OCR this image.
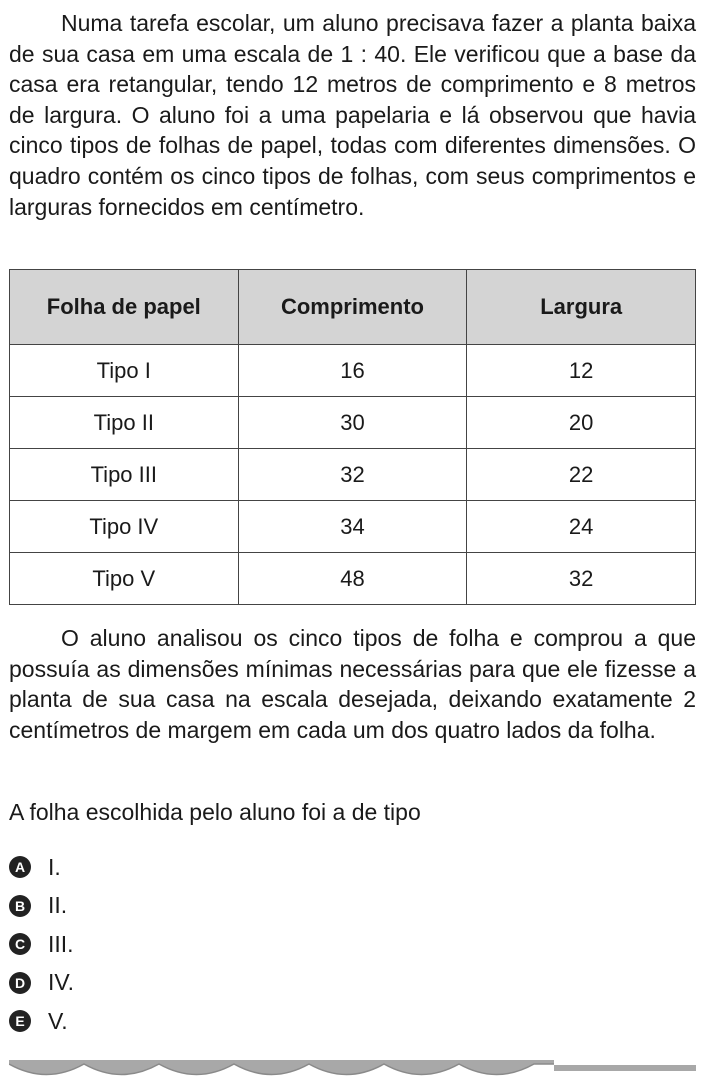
Numa tarefa escolar, um aluno precisava fazer a planta baixa de sua casa em uma escala de 1 : 40. Ele verificou que a base da casa era retangular, tendo 12 metros de comprimento e 8 metros de largura. O aluno foi a uma papelaria e lá observou que havia cinco tipos de folhas de papel, todas com diferentes dimensões. O quadro contém os cinco tipos de folhas, com seus comprimentos e larguras fornecidos em centímetro.

Folha de papel	Comprimento	Largura
Tipo I	16	12
Tipo II	30	20
Tipo III	32	22
Tipo IV	34	24
Tipo V	48	32

O aluno analisou os cinco tipos de folha e comprou a que possuía as dimensões mínimas necessárias para que ele fizesse a planta de sua casa na escala desejada, deixando exatamente 2 centímetros de margem em cada um dos quatro lados da folha.

A folha escolhida pelo aluno foi a de tipo

A I.
B II.
C III.
D IV.
E V.
